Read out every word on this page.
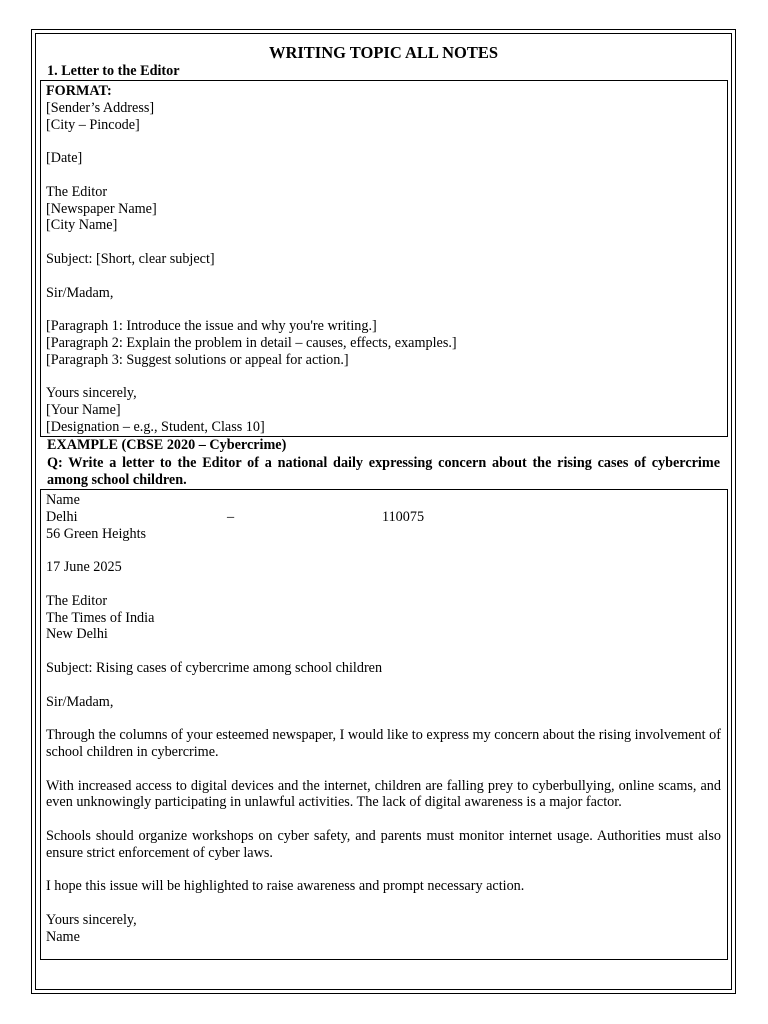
WRITING TOPIC ALL NOTES
1. Letter to the Editor
FORMAT:
[Sender’s Address]
[City – Pincode]
[Date]
The Editor
[Newspaper Name]
[City Name]
Subject: [Short, clear subject]
Sir/Madam,
[Paragraph 1: Introduce the issue and why you're writing.]
[Paragraph 2: Explain the problem in detail – causes, effects, examples.]
[Paragraph 3: Suggest solutions or appeal for action.]
Yours sincerely,
[Your Name]
[Designation – e.g., Student, Class 10]
EXAMPLE (CBSE 2020 – Cybercrime)
Q: Write a letter to the Editor of a national daily expressing concern about the rising cases of cybercrime among school children.
Name
Delhi	–	110075
56 Green Heights
17 June 2025
The Editor
The Times of India
New Delhi
Subject: Rising cases of cybercrime among school children
Sir/Madam,
Through the columns of your esteemed newspaper, I would like to express my concern about the rising involvement of school children in cybercrime.
With increased access to digital devices and the internet, children are falling prey to cyberbullying, online scams, and even unknowingly participating in unlawful activities. The lack of digital awareness is a major factor.
Schools should organize workshops on cyber safety, and parents must monitor internet usage. Authorities must also ensure strict enforcement of cyber laws.
I hope this issue will be highlighted to raise awareness and prompt necessary action.
Yours sincerely,
Name
